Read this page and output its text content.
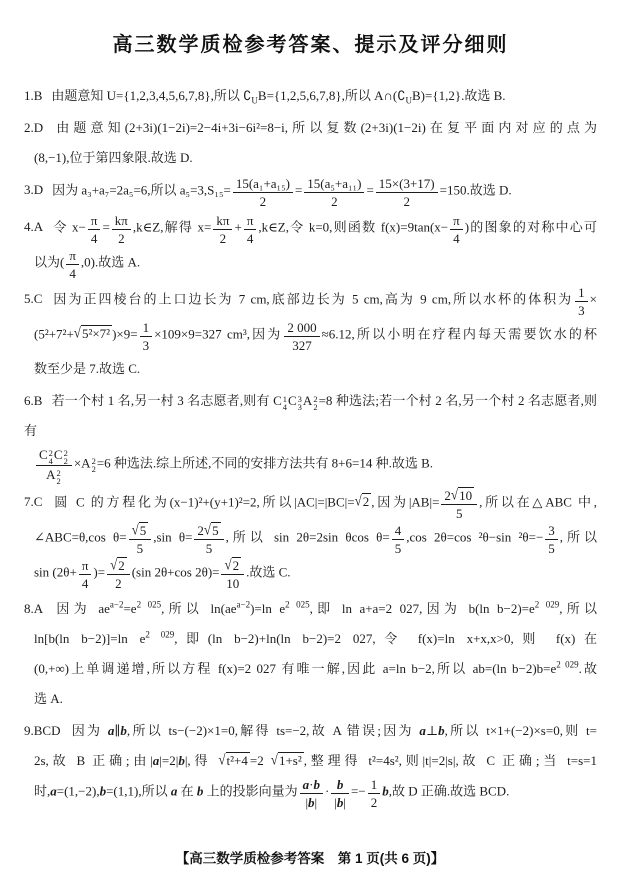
高三数学质检参考答案、提示及评分细则
1.B 由题意知 U={1,2,3,4,5,6,7,8},所以 $∁_UB=\{1,2,5,6,7,8\}$,所以 $A\cap(∁_UB)=\{1,2\}$.故选 B.
2.D 由题意知(2+3i)(1−2i)=2−4i+3i−6i²=8−i,所以复数(2+3i)(1−2i)在复平面内对应的点为
(8,−1),位于第四象限.故选 D.
3.D 因为 a₃+a₇=2a₅=6,所以 $a_5=3,S_{15}= \frac{\text{15(a₁+a₁₅)}}{2} = \frac{\text{15(a₅+a₁₁)}}{2} = \frac{15\times(3+17)}{2} =150$.故选 D.
4.A 令 $x- \frac{\pi}{4} = \frac{k\pi}{2}$ ,k∈Z,解得 $x= \frac{k\pi}{2} + \frac{\pi}{4}$ ,k∈Z,令 k=0,则函数 $f(x)=9\tan(x- \frac{\pi}{4}$ )的图象的对称中心可
以为( $\frac{\pi}{4} ,0$).故选 A.
5.C 因为正四棱台的上口边长为 7 cm,底部边长为 5 cm,高为 9 cm,所以水杯的体积为 $\frac{1}{3}$ ×
(5²+7²+√5²×7² )$\times 9= \frac{1}{3} \times 109\times 9=327$ cm³,因为 $\frac{2 000}{327} \approx 6.12$,所以小明在疗程内每天需要饮水的杯
数至少是 7.故选 C.
6.B 若一个村 1 名,另一村 3 名志愿者,则有 C 1
4 C 3
3 A 2
2 =8 种选法;若一个村 2 名,另一个村 2 名志愿者,则有
C 2
4 C 2
2
A 2
2 ×A 2
2 =6 种选法.综上所述,不同的安排方法共有 8+6=14 种.故选 B.
7.C 圆 C 的方程化为(x−1)²+(y+1)²=2,所以|AC|=|BC|=√2 ,因为$|AB|= \frac{2√10}{5}$ ,所以在△ABC 中,
∠ABC=θ,cos $\theta= \frac{√5}{5} ,\sin$ $\theta= \frac{2√5}{5}$ ,所以 sin 2θ=2sin θcos $\theta= \frac{4}{5} ,\cos$ 2θ=cos ²θ−sin $^2\theta=- \frac{3}{5}$ ,所以
$\sin (2\theta+ \frac{\pi}{4}$ )= $\frac{√2}{2} (\sin$ 2θ+cos $2\theta)= \frac{√2}{10}$ .故选 C.
8.A 因为 $ae^{a-2}=e^{2 025}$,所以 $\ln(ae^{a-2})=\ln$ $e^{2 025}$,即 ln a+a=2 027,因为 b(ln $b-2)=e^{2 029}$,所以
ln[b(ln b−2)]=ln $e^{2 029}$,即(ln b−2)+ln(ln b−2)=2 027,令 f(x)=ln x+x,x>0,则 f(x)在
(0,+∞)上单调递增,所以方程 f(x)=2 027 有唯一解,因此 a=ln b−2,所以 ab=(ln $b-2)b=e^{2 029}$.故
选 A.
9.BCD 因为 a∥b,所以 ts−(−2)×1=0,解得 ts=−2,故 A 错误;因为 a⊥b,所以 t×1+(−2)×s=0,则 t=
2s,故 B 正确;由|a|=2|b|,得 √t²+4 =2 √1+s² ,整理得 t²=4s²,则|t|=2|s|,故 C 正确;当 t=s=1
时,a=(1,−2),b=(1,1),所以 a 在 b 上的投影向量为 $\frac{a\cdot b}{|b|} \cdot \frac{b}{|b|} =- \frac{1}{2} b$,故 D 正确.故选 BCD.
【高三数学质检参考答案　第 1 页(共 6 页)】
